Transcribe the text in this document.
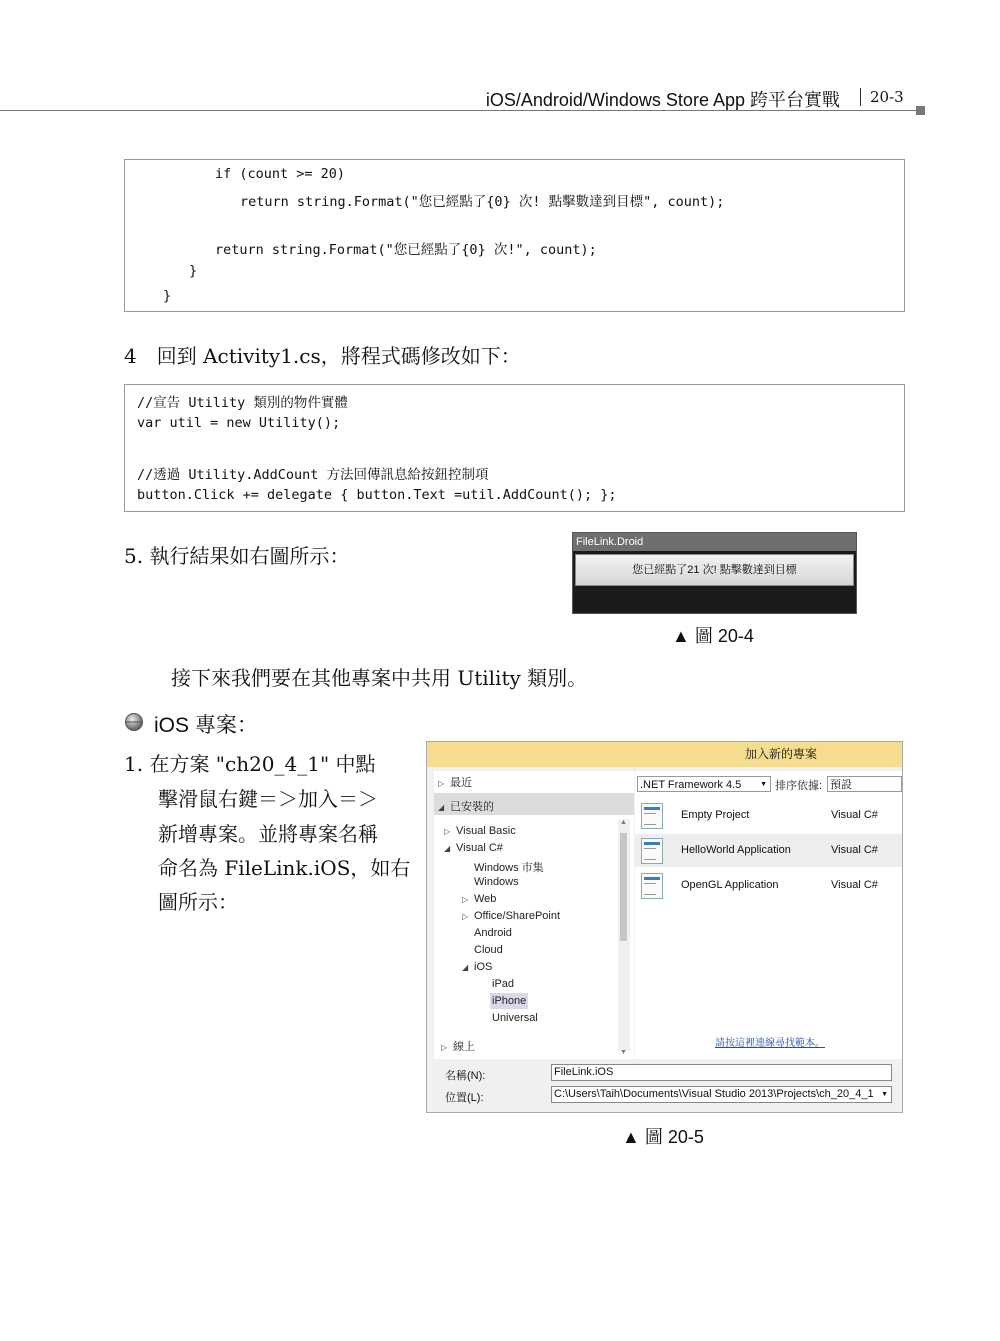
iOS/Android/Windows Store App 跨平台實戰 20-3
if (count >= 20)
return string.Format("您已經點了{0} 次! 點擊數達到目標", count);
return string.Format("您已經點了{0} 次!", count);
}
}
4　回到 Activity1.cs，將程式碼修改如下：
//宣告 Utility 類別的物件實體
var util = new Utility();
//透過 Utility.AddCount 方法回傳訊息給按鈕控制項
button.Click += delegate { button.Text =util.AddCount(); };
5. 執行結果如右圖所示：
FileLink.Droid
您已經點了21 次! 點擊數達到目標
▲ 圖 20-4
接下來我們要在其他專案中共用 Utility 類別。
iOS 專案：
1. 在方案 "ch20_4_1" 中點
擊滑鼠右鍵＝＞加入＝＞
新增專案。並將專案名稱
命名為 FileLink.iOS，如右
圖所示：
加入新的專案
▷ 最近
◢ 已安裝的
▷ Visual Basic
◢ Visual C#
Windows 市集
Windows
▷ Web
▷ Office/SharePoint
Android
Cloud
◢ iOS
iPad
iPhone
Universal
▲
▼
▷ 線上
.NET Framework 4.5	▼ 排序依據: 預設
Empty Project	Visual C#
HelloWorld Application	Visual C#
OpenGL Application	Visual C#
請按這裡連線尋找範本。
名稱(N):	FileLink.iOS
位置(L):	C:\Users\Taih\Documents\Visual Studio 2013\Projects\ch_20_4_1 ▼
▲ 圖 20-5
